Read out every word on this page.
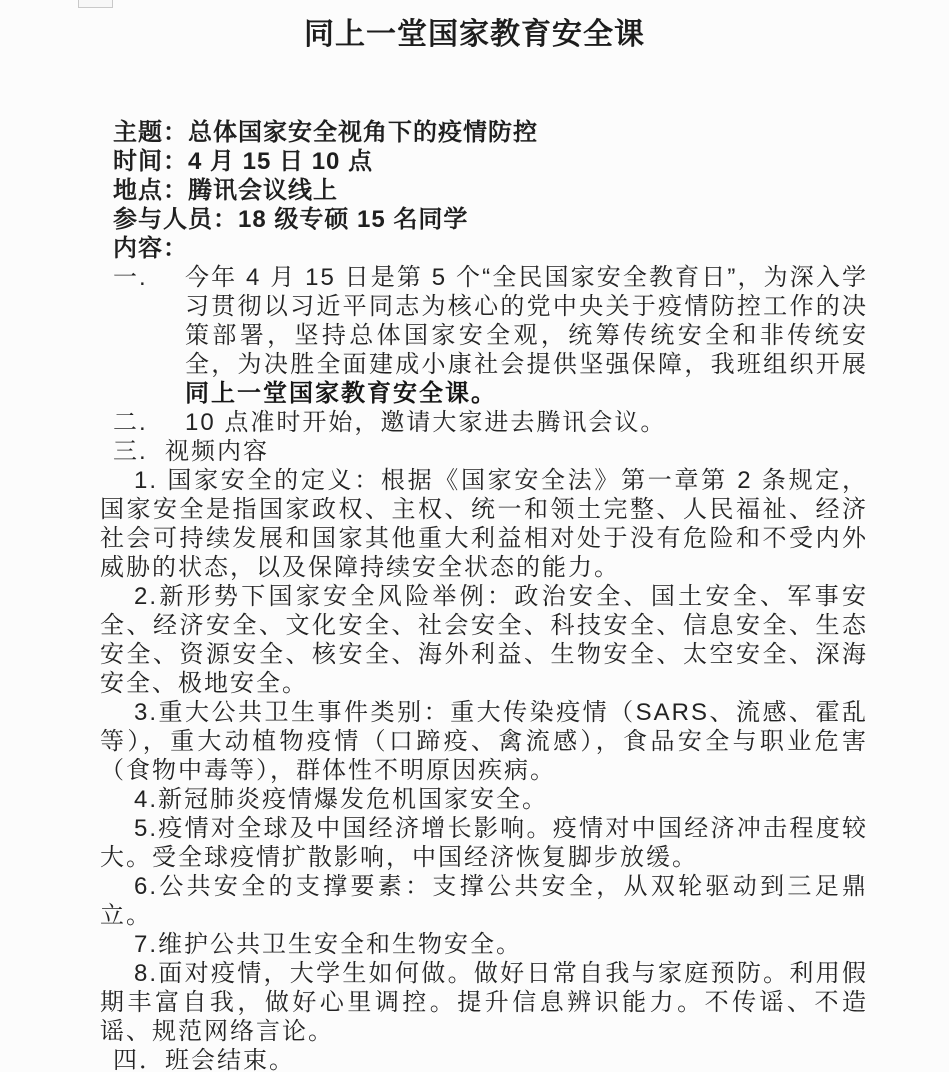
同上一堂国家教育安全课
主题：总体国家安全视角下的疫情防控
时间：4 月 15 日 10 点
地点：腾讯会议线上
参与人员：18 级专硕 15 名同学
内容：
一.	今年 4 月 15 日是第 5 个“全民国家安全教育日”，为深入学习贯彻以习近平同志为核心的党中央关于疫情防控工作的决策部署，坚持总体国家安全观，统筹传统安全和非传统安全，为决胜全面建成小康社会提供坚强保障，我班组织开展同上一堂国家教育安全课。
二.	10 点准时开始，邀请大家进去腾讯会议。
三. 视频内容

1. 国家安全的定义：根据《国家安全法》第一章第 2 条规定，国家安全是指国家政权、主权、统一和领土完整、人民福祉、经济社会可持续发展和国家其他重大利益相对处于没有危险和不受内外威胁的状态，以及保障持续安全状态的能力。

2.新形势下国家安全风险举例：政治安全、国土安全、军事安全、经济安全、文化安全、社会安全、科技安全、信息安全、生态安全、资源安全、核安全、海外利益、生物安全、太空安全、深海安全、极地安全。

3.重大公共卫生事件类别：重大传染疫情（SARS、流感、霍乱等），重大动植物疫情（口蹄疫、禽流感），食品安全与职业危害（食物中毒等），群体性不明原因疾病。

4.新冠肺炎疫情爆发危机国家安全。

5.疫情对全球及中国经济增长影响。疫情对中国经济冲击程度较大。受全球疫情扩散影响，中国经济恢复脚步放缓。

6.公共安全的支撑要素：支撑公共安全，从双轮驱动到三足鼎立。

7.维护公共卫生安全和生物安全。

8.面对疫情，大学生如何做。做好日常自我与家庭预防。利用假期丰富自我，做好心里调控。提升信息辨识能力。不传谣、不造谣、规范网络言论。

四． 班会结束。
